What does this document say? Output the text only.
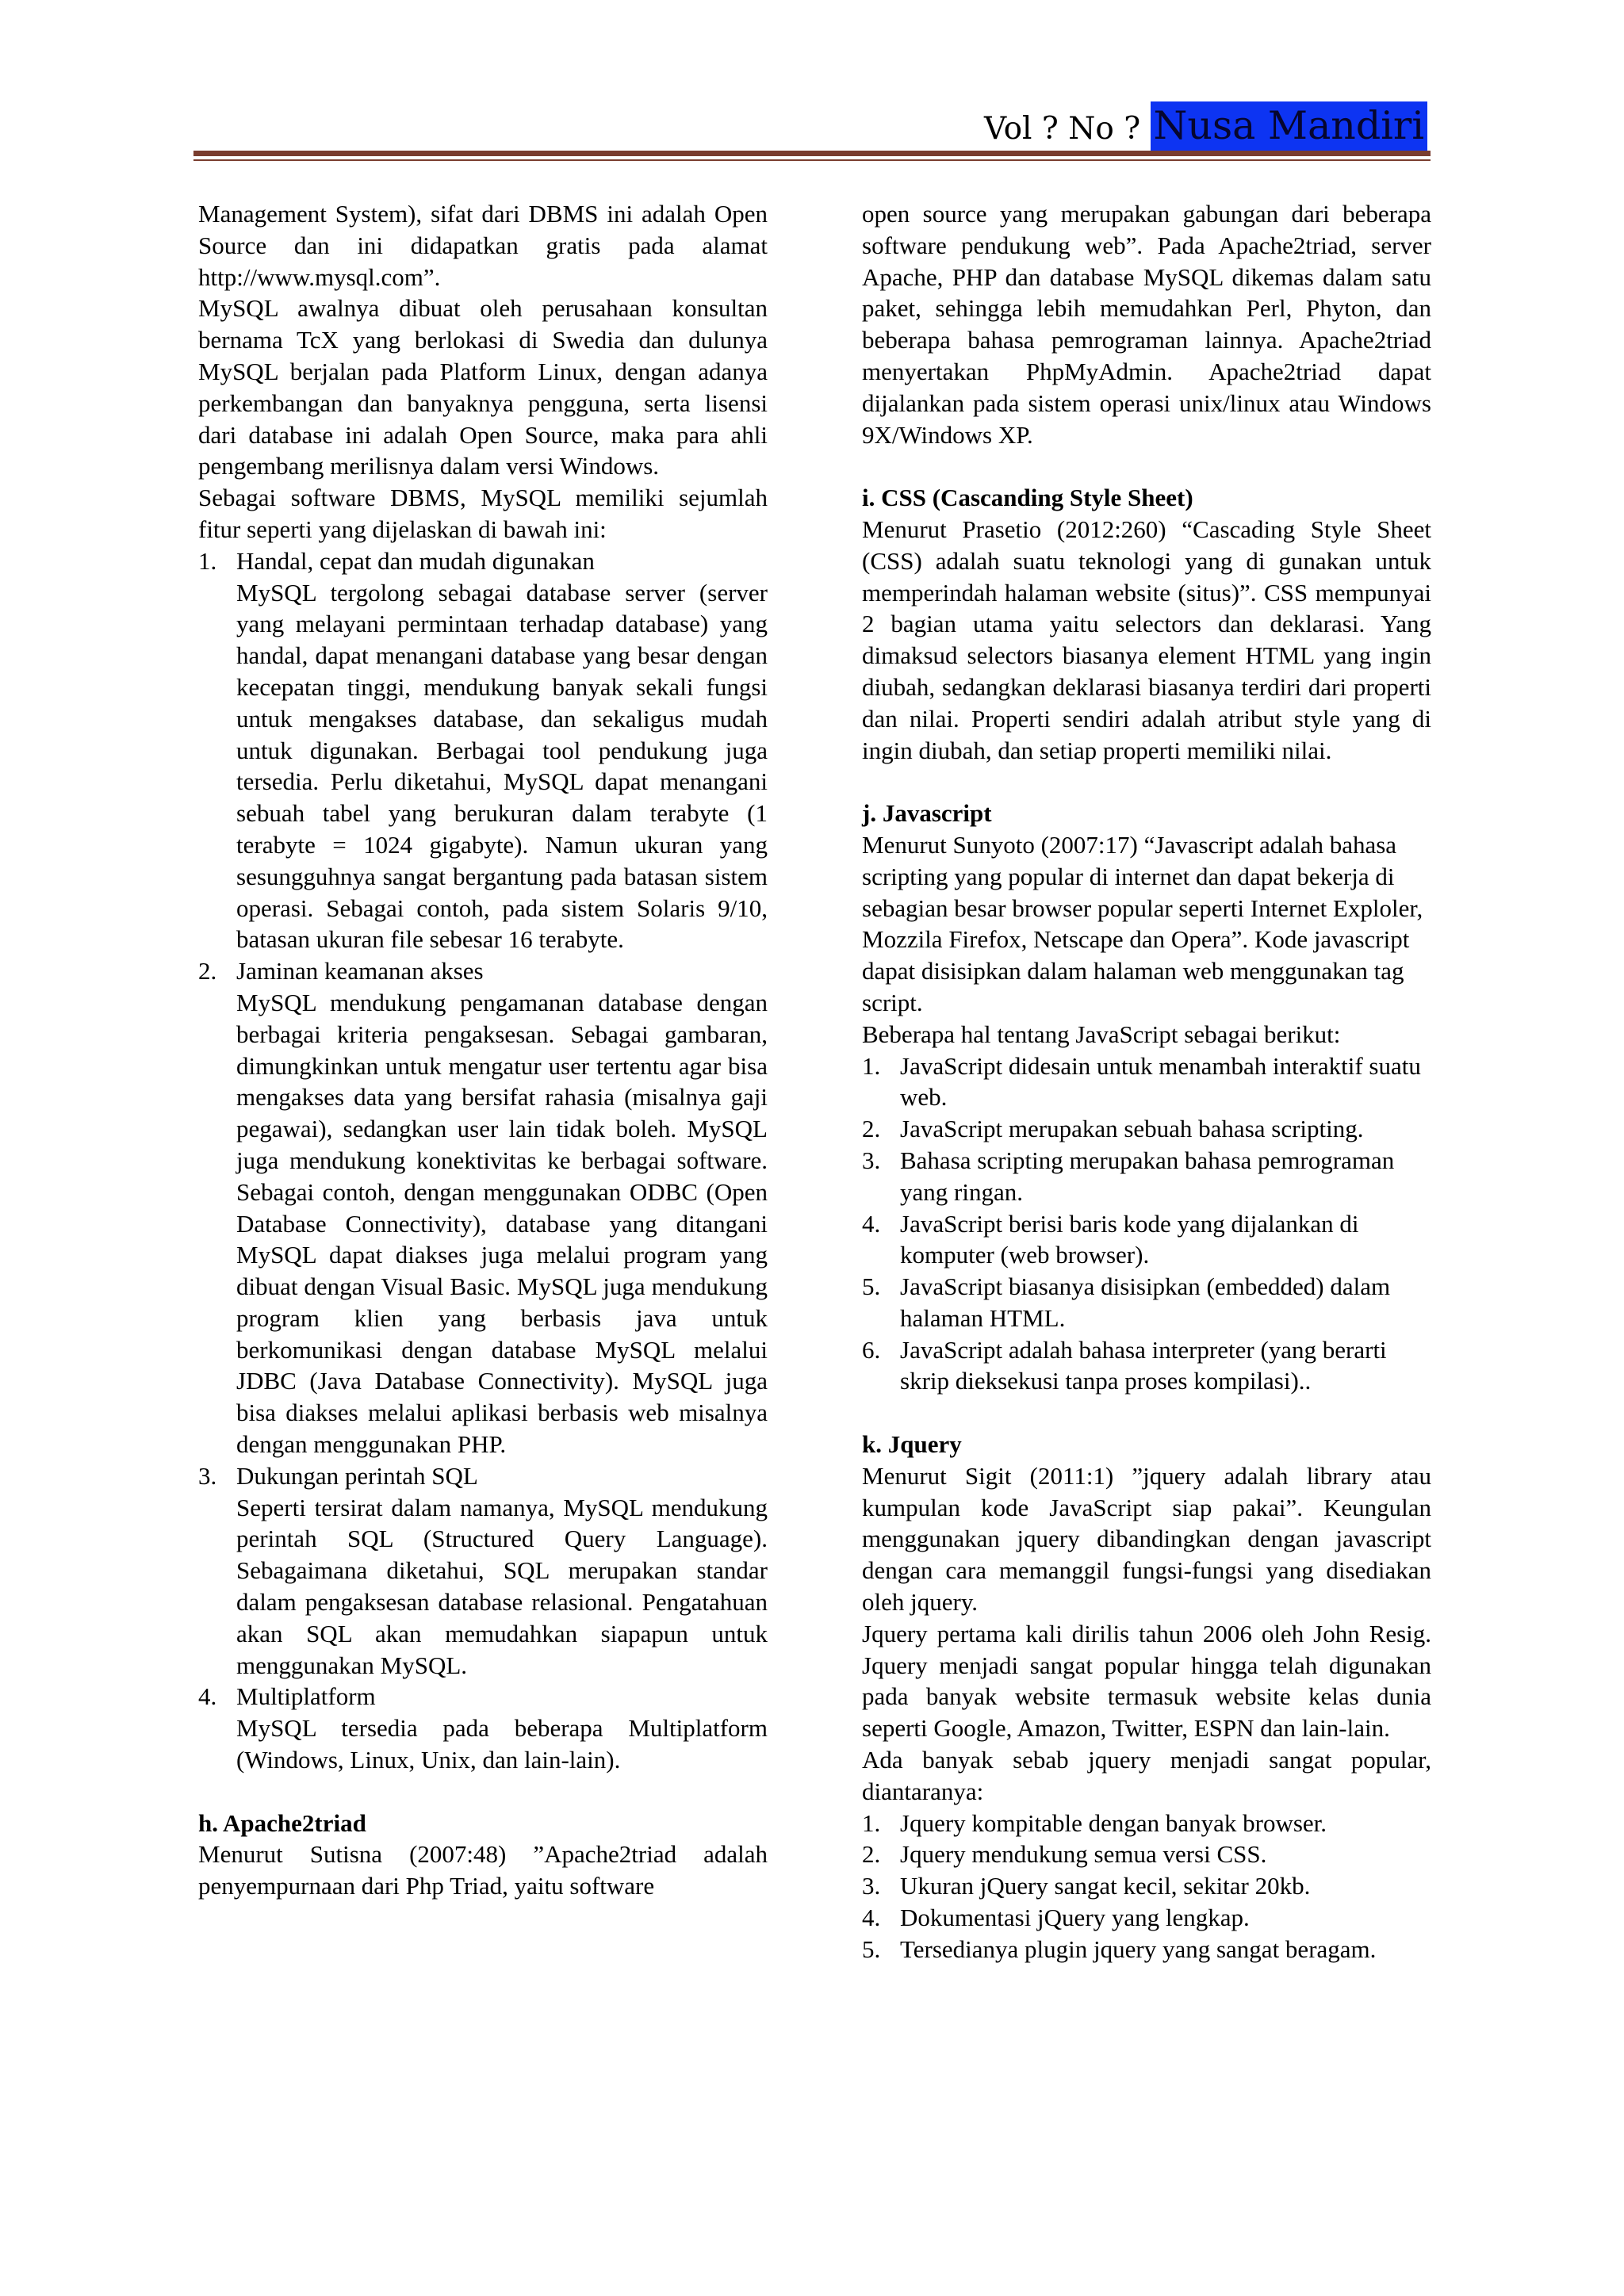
Vol ? No ? Nusa Mandiri

Management System), sifat dari DBMS ini adalah Open Source dan ini didapatkan gratis pada alamat http://www.mysql.com”.

MySQL awalnya dibuat oleh perusahaan konsultan bernama TcX yang berlokasi di Swedia dan dulunya MySQL berjalan pada Platform Linux, dengan adanya perkembangan dan banyaknya pengguna, serta lisensi dari database ini adalah Open Source, maka para ahli pengembang merilisnya dalam versi Windows.

Sebagai software DBMS, MySQL memiliki sejumlah fitur seperti yang dijelaskan di bawah ini:

1. Handal, cepat dan mudah digunakan
MySQL tergolong sebagai database server (server yang melayani permintaan terhadap database) yang handal, dapat menangani database yang besar dengan kecepatan tinggi, mendukung banyak sekali fungsi untuk mengakses database, dan sekaligus mudah untuk digunakan. Berbagai tool pendukung juga tersedia. Perlu diketahui, MySQL dapat menangani sebuah tabel yang berukuran dalam terabyte (1 terabyte = 1024 gigabyte). Namun ukuran yang sesungguhnya sangat bergantung pada batasan sistem operasi. Sebagai contoh, pada sistem Solaris 9/10, batasan ukuran file sebesar 16 terabyte.
2. Jaminan keamanan akses
MySQL mendukung pengamanan database dengan berbagai kriteria pengaksesan. Sebagai gambaran, dimungkinkan untuk mengatur user tertentu agar bisa mengakses data yang bersifat rahasia (misalnya gaji pegawai), sedangkan user lain tidak boleh. MySQL juga mendukung konektivitas ke berbagai software. Sebagai contoh, dengan menggunakan ODBC (Open Database Connectivity), database yang ditangani MySQL dapat diakses juga melalui program yang dibuat dengan Visual Basic. MySQL juga mendukung program klien yang berbasis java untuk berkomunikasi dengan database MySQL melalui JDBC (Java Database Connectivity). MySQL juga bisa diakses melalui aplikasi berbasis web misalnya dengan menggunakan PHP.
3. Dukungan perintah SQL
Seperti tersirat dalam namanya, MySQL mendukung perintah SQL (Structured Query Language). Sebagaimana diketahui, SQL merupakan standar dalam pengaksesan database relasional. Pengatahuan akan SQL akan memudahkan siapapun untuk menggunakan MySQL.
4. Multiplatform
MySQL tersedia pada beberapa Multiplatform (Windows, Linux, Unix, dan lain-lain).

h. Apache2triad

Menurut Sutisna (2007:48) ”Apache2triad adalah penyempurnaan dari Php Triad, yaitu software

open source yang merupakan gabungan dari beberapa software pendukung web”. Pada Apache2triad, server Apache, PHP dan database MySQL dikemas dalam satu paket, sehingga lebih memudahkan Perl, Phyton, dan beberapa bahasa pemrograman lainnya. Apache2triad menyertakan PhpMyAdmin. Apache2triad dapat dijalankan pada sistem operasi unix/linux atau Windows 9X/Windows XP.

i. CSS (Cascanding Style Sheet)

Menurut Prasetio (2012:260) “Cascading Style Sheet (CSS) adalah suatu teknologi yang di gunakan untuk memperindah halaman website (situs)”. CSS mempunyai 2 bagian utama yaitu selectors dan deklarasi. Yang dimaksud selectors biasanya element HTML yang ingin diubah, sedangkan deklarasi biasanya terdiri dari properti dan nilai. Properti sendiri adalah atribut style yang di ingin diubah, dan setiap properti memiliki nilai.

j. Javascript

Menurut Sunyoto (2007:17) “Javascript adalah bahasa scripting yang popular di internet dan dapat bekerja di sebagian besar browser popular seperti Internet Exploler, Mozzila Firefox, Netscape dan Opera”. Kode javascript dapat disisipkan dalam halaman web menggunakan tag script.

Beberapa hal tentang JavaScript sebagai berikut:

1. JavaScript didesain untuk menambah interaktif suatu web.
2. JavaScript merupakan sebuah bahasa scripting.
3. Bahasa scripting merupakan bahasa pemrograman yang ringan.
4. JavaScript berisi baris kode yang dijalankan di komputer (web browser).
5. JavaScript biasanya disisipkan (embedded) dalam halaman HTML.
6. JavaScript adalah bahasa interpreter (yang berarti skrip dieksekusi tanpa proses kompilasi)..

k. Jquery

Menurut Sigit (2011:1) ”jquery adalah library atau kumpulan kode JavaScript siap pakai”. Keungulan menggunakan jquery dibandingkan dengan javascript dengan cara memanggil fungsi-fungsi yang disediakan oleh jquery.

Jquery pertama kali dirilis tahun 2006 oleh John Resig. Jquery menjadi sangat popular hingga telah digunakan pada banyak website termasuk website kelas dunia seperti Google, Amazon, Twitter, ESPN dan lain-lain.

Ada banyak sebab jquery menjadi sangat popular, diantaranya:

1. Jquery kompitable dengan banyak browser.
2. Jquery mendukung semua versi CSS.
3. Ukuran jQuery sangat kecil, sekitar 20kb.
4. Dokumentasi jQuery yang lengkap.
5. Tersedianya plugin jquery yang sangat beragam.
